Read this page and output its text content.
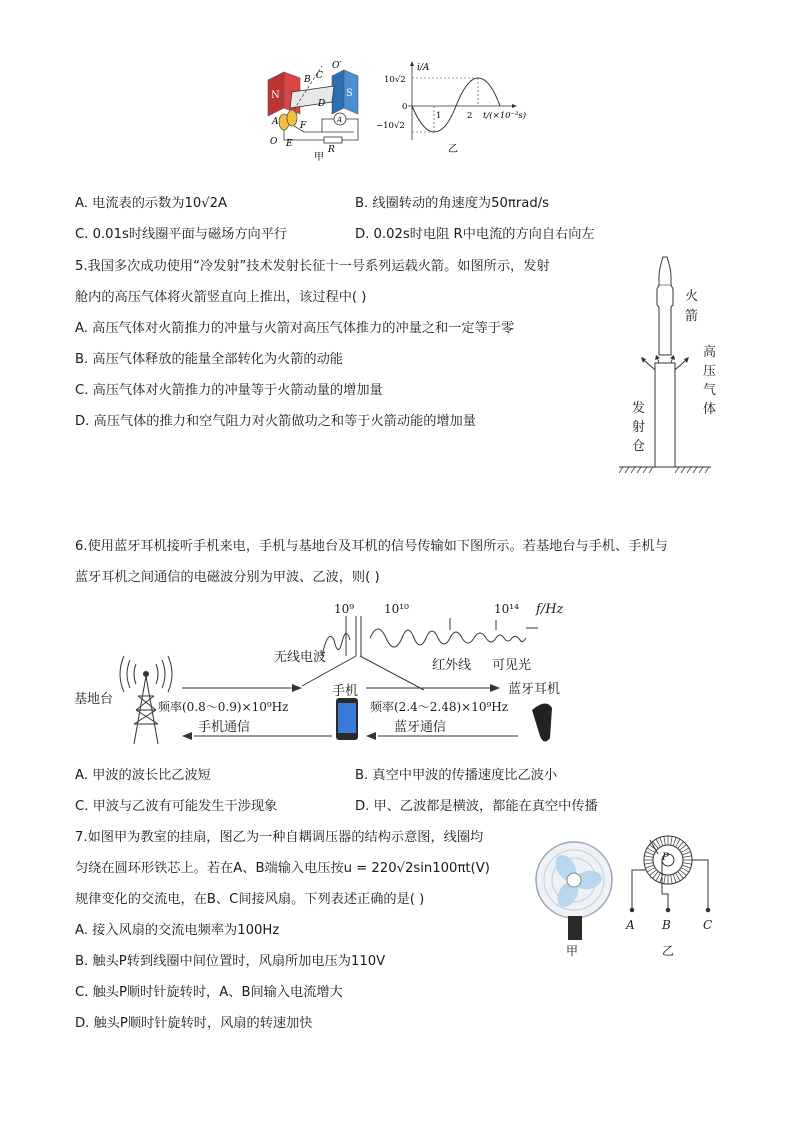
N	S
B
O′
C
D
A F
O E
R
A
甲
i/A
10√2
0
−10√2
1	2 t/(×10⁻²s)
乙
A. 电流表的示数为10√2A	B. 线圈转动的角速度为50πrad/s
C. 0.01s时线圈平面与磁场方向平行	D. 0.02s时电阻 R中电流的方向自右向左
5.我国多次成功使用“冷发射”技术发射长征十一号系列运载火箭。如图所示，发射
舱内的高压气体将火箭竖直向上推出，该过程中( )
A. 高压气体对火箭推力的冲量与火箭对高压气体推力的冲量之和一定等于零
B. 高压气体释放的能量全部转化为火箭的动能
C. 高压气体对火箭推力的冲量等于火箭动量的增加量
D. 高压气体的推力和空气阻力对火箭做功之和等于火箭动能的增加量
火
箭
高
压
气
体
发
射
仓
6.使用蓝牙耳机接听手机来电，手机与基地台及耳机的信号传输如下图所示。若基地台与手机、手机与
蓝牙耳机之间通信的电磁波分别为甲波、乙波，则( )
10⁹ 10¹⁰	10¹⁴ f/Hz
无线电波
红外线 可见光
基地台
手机	蓝牙耳机
频率(0.8～0.9)×10⁹Hz
手机通信
频率(2.4～2.48)×10⁹Hz
蓝牙通信
A. 甲波的波长比乙波短	B. 真空中甲波的传播速度比乙波小
C. 甲波与乙波有可能发生干涉现象	D. 甲、乙波都是横波，都能在真空中传播
7.如图甲为教室的挂扇，图乙为一种自耦调压器的结构示意图，线圈均
匀绕在圆环形铁芯上。若在A、B端输入电压按u = 220√2sin100πt(V)
规律变化的交流电，在B、C间接风扇。下列表述正确的是( )
A. 接入风扇的交流电频率为100Hz
B. 触头P转到线圈中间位置时，风扇所加电压为110V
C. 触头P顺时针旋转时，A、B间输入电流增大
D. 触头P顺时针旋转时，风扇的转速加快
P
A B	C
甲	乙
